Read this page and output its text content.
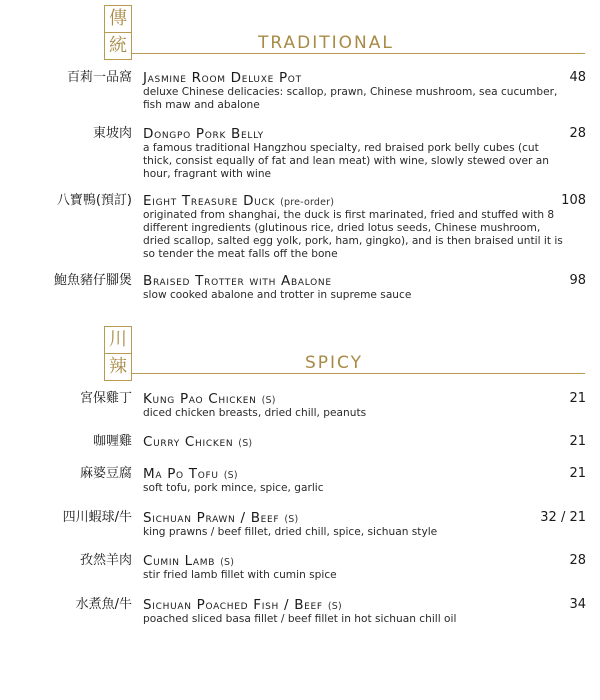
傳
統	TRADITIONAL
百莉一品窩 Jasmine Room Deluxe Pot	48
deluxe Chinese delicacies: scallop, prawn, Chinese mushroom, sea cucumber, fish maw and abalone
東坡肉 Dongpo Pork Belly	28
a famous traditional Hangzhou specialty, red braised pork belly cubes (cut thick, consist equally of fat and lean meat) with wine, slowly stewed over an hour, fragrant with wine
八寶鴨(預訂) Eight Treasure Duck (pre-order)	108
originated from shanghai, the duck is first marinated, fried and stuffed with 8 different ingredients (glutinous rice, dried lotus seeds, Chinese mushroom, dried scallop, salted egg yolk, pork, ham, gingko), and is then braised until it is so tender the meat falls off the bone
鮑魚豬仔腳煲 Braised Trotter with Abalone	98
slow cooked abalone and trotter in supreme sauce
川
辣	SPICY
宮保雞丁 Kung Pao Chicken (S)	21
diced chicken breasts, dried chill, peanuts
咖喱雞 Curry Chicken (S)	21
麻婆豆腐 Ma Po Tofu (S)	21
soft tofu, pork mince, spice, garlic
四川蝦球/牛 Sichuan Prawn / Beef (S)	32 / 21
king prawns / beef fillet, dried chill, spice, sichuan style
孜然羊肉 Cumin Lamb (S)	28
stir fried lamb fillet with cumin spice
水煮魚/牛 Sichuan Poached Fish / Beef (S)	34
poached sliced basa fillet / beef fillet in hot sichuan chill oil
